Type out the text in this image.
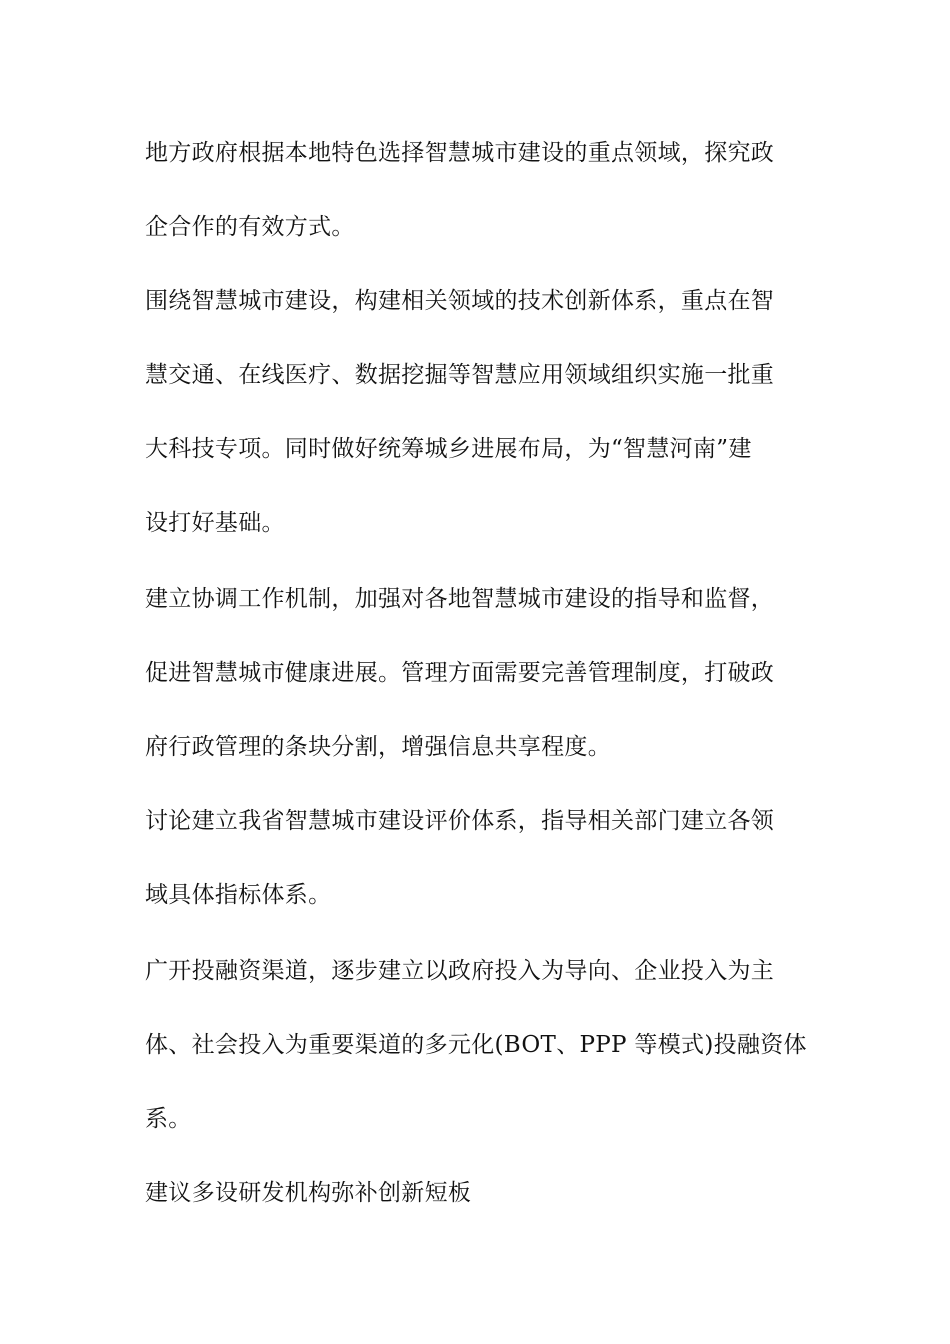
地方政府根据本地特色选择智慧城市建设的重点领域，探究政

企合作的有效方式。

围绕智慧城市建设，构建相关领域的技术创新体系，重点在智

慧交通、在线医疗、数据挖掘等智慧应用领域组织实施一批重

大科技专项。同时做好统筹城乡进展布局，为“智慧河南”建

设打好基础。

建立协调工作机制，加强对各地智慧城市建设的指导和监督，

促进智慧城市健康进展。管理方面需要完善管理制度，打破政

府行政管理的条块分割，增强信息共享程度。

讨论建立我省智慧城市建设评价体系，指导相关部门建立各领

域具体指标体系。

广开投融资渠道，逐步建立以政府投入为导向、企业投入为主

体、社会投入为重要渠道的多元化(BOT、PPP 等模式)投融资体

系。

建议多设研发机构弥补创新短板
